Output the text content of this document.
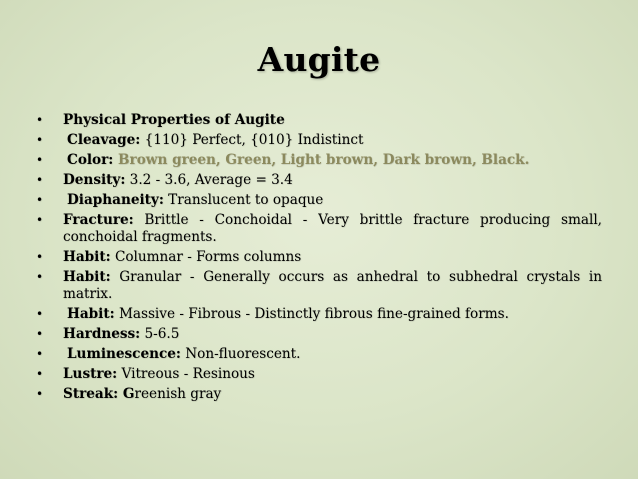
Augite
• Physical Properties of Augite
• Cleavage: {110} Perfect, {010} Indistinct
• Color: Brown green, Green, Light brown, Dark brown, Black.
• Density: 3.2 - 3.6, Average = 3.4
• Diaphaneity: Translucent to opaque
• Fracture: Brittle - Conchoidal - Very brittle fracture producing small, conchoidal fragments.
• Habit: Columnar - Forms columns
• Habit: Granular - Generally occurs as anhedral to subhedral crystals in matrix.
• Habit: Massive - Fibrous - Distinctly fibrous fine-grained forms.
• Hardness: 5-6.5
• Luminescence: Non-fluorescent.
• Lustre: Vitreous - Resinous
• Streak: Greenish gray
